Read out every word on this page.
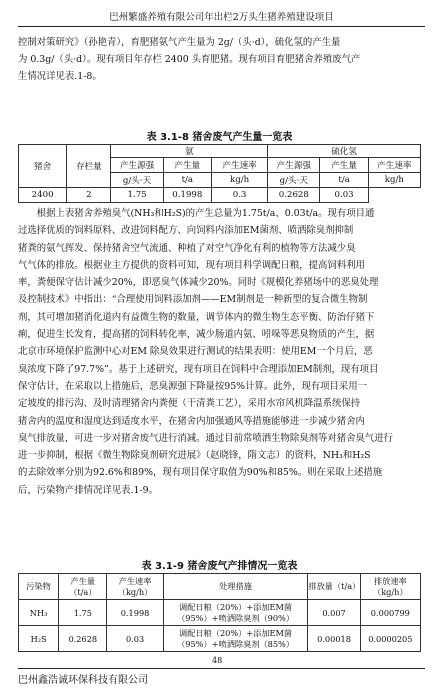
巴州繁盛养殖有限公司年出栏2万头生猪养殖建设项目

控制对策研究》（孙艳青），育肥猪氨气产生量为 2g/（头·d），硫化氢的产生量
为 0.3g/（头·d）。现有项目年存栏 2400 头育肥猪。现有项目育肥猪舍养殖废气产
生情况详见表.1-8。

表 3.1-8 猪舍废气产生量一览表

猪舍	存栏量	氨			硫化氢		
		产生源强	产生量	产生速率	产生源强	产生量	产生速率
		g/头·天	t/a	kg/h	g/头·天	t/a	kg/h
2400	2	1.75	0.1998	0.3	0.2628	0.03	

　　根据上表猪舍养殖臭气(NH₃和H₂S)的产生总量为1.75t/a、0.03t/a。现有项目通
过选择优质的饲料原料、改进饲料配方、向饲料内添加EM菌剂、喷洒除臭剂抑制
猪粪的氨气挥发、保持猪舍空气流通、种植了对空气净化有利的植物等方法减少臭
气气体的排放。根据业主方提供的资料可知，现有项目科学调配日粮，提高饲料利用
率，粪便保守估计减少20%，即恶臭气体减少20%。同时《规模化养猪场中的恶臭处理
及控制技术》中指出：“合理使用饲料添加剂——EM制剂是一种新型的复合微生物制
剂，其可增加猪消化道内有益微生物的数量，调节体内的微生物生态平衡、防治仔猪下
痢，促进生长发育，提高猪的饲料转化率，减少肠道内氨、吲哚等恶臭物质的产生，据
北京市环境保护监测中心对EM 除臭效果进行测试的结果表明：使用EM一个月后，恶
臭浓度下降了97.7%”。基于上述研究，现有项目在饲料中合理添加EM制剂，现有项目
保守估计，在采取以上措施后，恶臭源强下降量按95%计算。此外，现有项目采用一
定坡度的排污沟、及时清理猪舍内粪便（干清粪工艺），采用水帘风机降温系统保持
猪舍内的温度和湿度达到适度水平，在猪舍内加强通风等措施能够进一步减少猪舍内
臭气排放量，可进一步对猪舍废气进行消减。通过目前常喷洒生物除臭剂等对猪舍臭气进行
进一步抑制，根据《微生物除臭剂研究进展》（赵晓锋，隋文志）的资料，NH₃和H₂S
的去除效率分别为92.6%和89%，现有项目保守取值为90%和85%。则在采取上述措施
后，污染物产排情况详见表.1-9。

表 3.1-9 猪舍废气产排情况一览表

污染物	产生量（t/a）	产生速率（kg/h）	处理措施	排放量（t/a）	排放速率（kg/h）
NH₃	1.75	0.1998	调配日粮（20%）+添加EM菌
（95%）+喷洒除臭剂（90%）	0.007	0.000799
H₂S	0.2628	0.03	调配日粮（20%）+添加EM菌
（95%）+喷洒除臭剂（85%）	0.00018	0.0000205
48
巴州鑫浩诚环保科技有限公司
